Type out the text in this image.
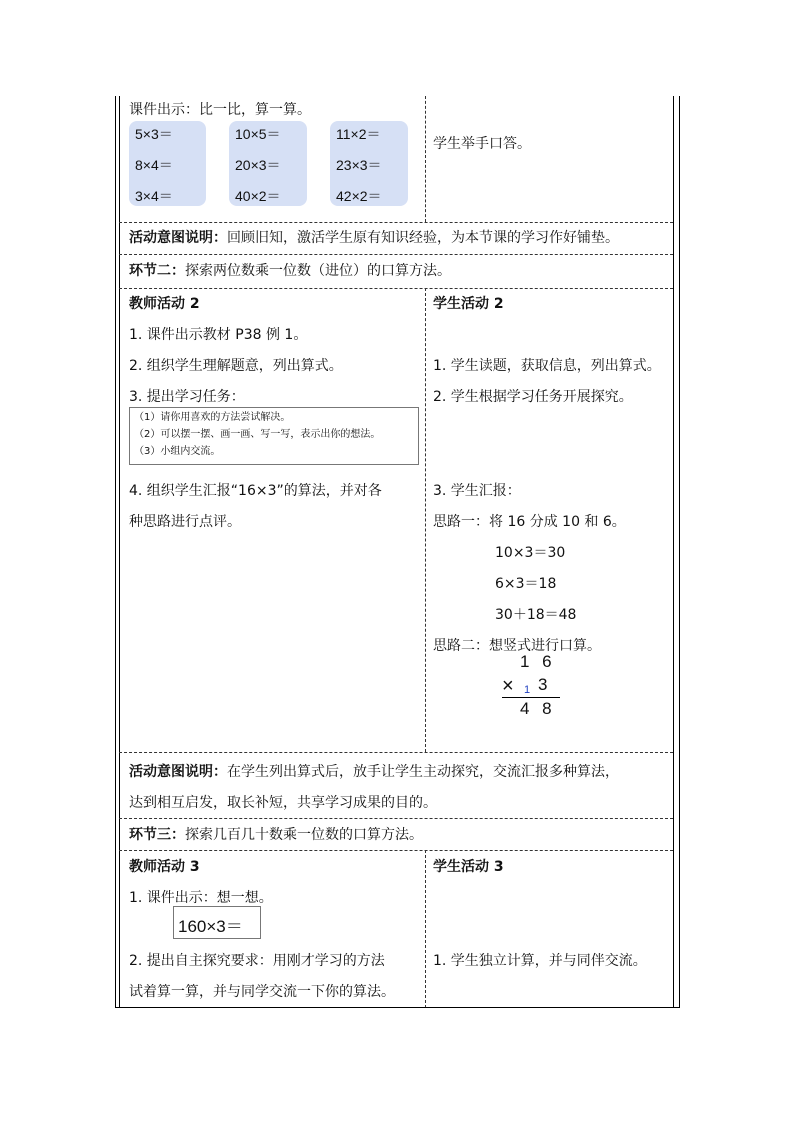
课件出示：比一比，算一算。
5×3＝
8×4＝
3×4＝
10×5＝
20×3＝
40×2＝
11×2＝
23×3＝
42×2＝
学生举手口答。
活动意图说明：回顾旧知，激活学生原有知识经验，为本节课的学习作好铺垫。
环节二：探索两位数乘一位数（进位）的口算方法。
教师活动 2
1. 课件出示教材 P38 例 1。
2. 组织学生理解题意，列出算式。
3. 提出学习任务：
（1）请你用喜欢的方法尝试解决。
（2）可以摆一摆、画一画、写一写，表示出你的想法。
（3）小组内交流。
4. 组织学生汇报“16×3”的算法，并对各
种思路进行点评。
学生活动 2
1. 学生读题，获取信息，列出算式。
2. 学生根据学习任务开展探究。
3. 学生汇报：
思路一：将 16 分成 10 和 6。
10×3＝30
6×3＝18
30＋18＝48
思路二：想竖式进行口算。
1 6
× 1 3
4 8
活动意图说明：在学生列出算式后，放手让学生主动探究，交流汇报多种算法，
达到相互启发，取长补短，共享学习成果的目的。
环节三：探索几百几十数乘一位数的口算方法。
教师活动 3
1. 课件出示：想一想。
160×3＝
2. 提出自主探究要求：用刚才学习的方法
试着算一算，并与同学交流一下你的算法。
学生活动 3
1. 学生独立计算，并与同伴交流。
